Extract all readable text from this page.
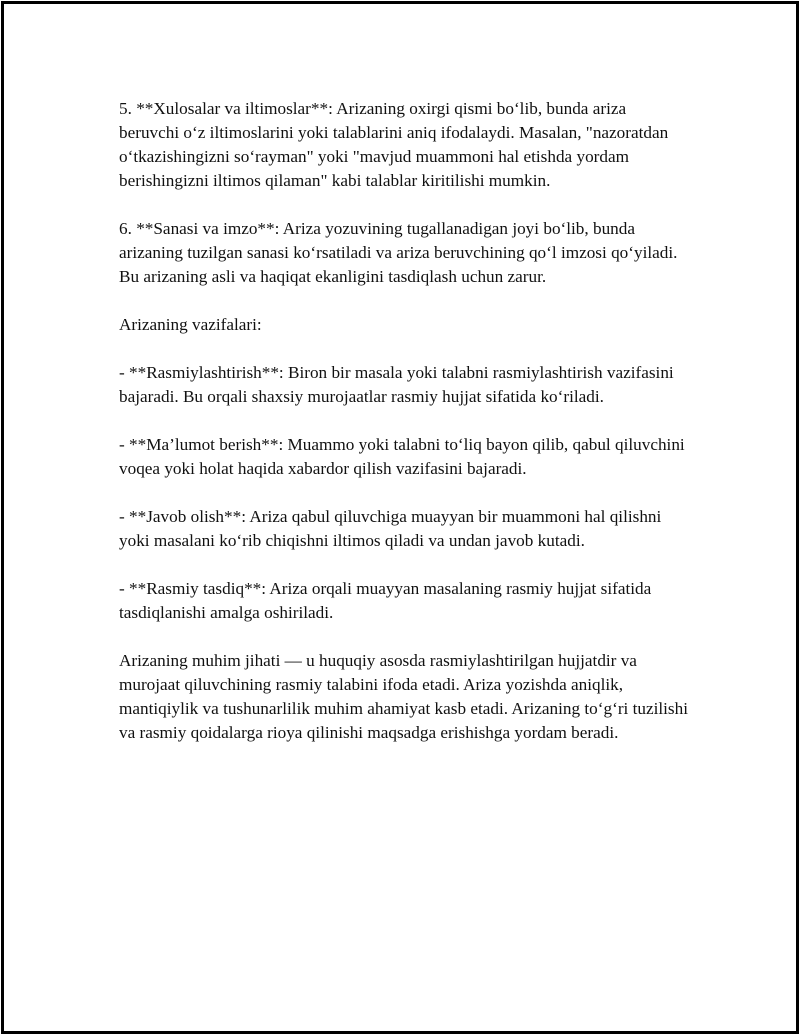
5. **Xulosalar va iltimoslar**: Arizaning oxirgi qismi bo‘lib, bunda ariza beruvchi o‘z iltimoslarini yoki talablarini aniq ifodalaydi. Masalan, "nazoratdan o‘tkazishingizni so‘rayman" yoki "mavjud muammoni hal etishda yordam berishingizni iltimos qilaman" kabi talablar kiritilishi mumkin.

6. **Sanasi va imzo**: Ariza yozuvining tugallanadigan joyi bo‘lib, bunda arizaning tuzilgan sanasi ko‘rsatiladi va ariza beruvchining qo‘l imzosi qo‘yiladi. Bu arizaning asli va haqiqat ekanligini tasdiqlash uchun zarur.

Arizaning vazifalari:

- **Rasmiylashtirish**: Biron bir masala yoki talabni rasmiylashtirish vazifasini bajaradi. Bu orqali shaxsiy murojaatlar rasmiy hujjat sifatida ko‘riladi.

- **Ma’lumot berish**: Muammo yoki talabni to‘liq bayon qilib, qabul qiluvchini voqea yoki holat haqida xabardor qilish vazifasini bajaradi.

- **Javob olish**: Ariza qabul qiluvchiga muayyan bir muammoni hal qilishni yoki masalani ko‘rib chiqishni iltimos qiladi va undan javob kutadi.

- **Rasmiy tasdiq**: Ariza orqali muayyan masalaning rasmiy hujjat sifatida tasdiqlanishi amalga oshiriladi.

Arizaning muhim jihati — u huquqiy asosda rasmiylashtirilgan hujjatdir va murojaat qiluvchining rasmiy talabini ifoda etadi. Ariza yozishda aniqlik, mantiqiylik va tushunarlilik muhim ahamiyat kasb etadi. Arizaning to‘g‘ri tuzilishi va rasmiy qoidalarga rioya qilinishi maqsadga erishishga yordam beradi.
